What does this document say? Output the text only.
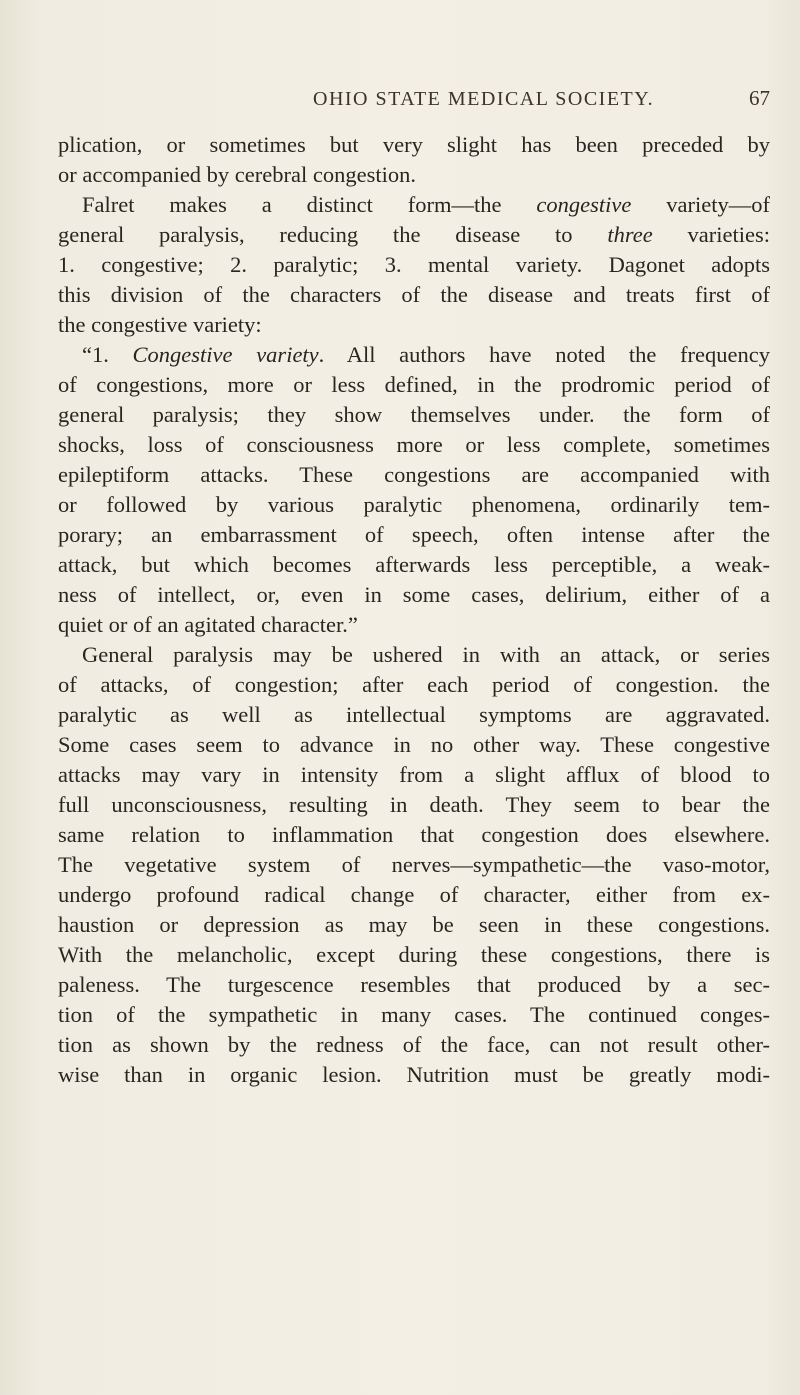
OHIO STATE MEDICAL SOCIETY.	67
plication, or sometimes but very slight has been preceded by
or accompanied by cerebral congestion.
Falret makes a distinct form—the congestive variety—of
general paralysis, reducing the disease to three varieties:
1. congestive; 2. paralytic; 3. mental variety. Dagonet adopts
this division of the characters of the disease and treats first of
the congestive variety:
“1. Congestive variety. All authors have noted the frequency
of congestions, more or less defined, in the prodromic period of
general paralysis; they show themselves under. the form of
shocks, loss of consciousness more or less complete, sometimes
epileptiform attacks. These congestions are accompanied with
or followed by various paralytic phenomena, ordinarily tem-
porary; an embarrassment of speech, often intense after the
attack, but which becomes afterwards less perceptible, a weak-
ness of intellect, or, even in some cases, delirium, either of a
quiet or of an agitated character.”
General paralysis may be ushered in with an attack, or series
of attacks, of congestion; after each period of congestion. the
paralytic as well as intellectual symptoms are aggravated.
Some cases seem to advance in no other way. These congestive
attacks may vary in intensity from a slight afflux of blood to
full unconsciousness, resulting in death. They seem to bear the
same relation to inflammation that congestion does elsewhere.
The vegetative system of nerves—sympathetic—the vaso-motor,
undergo profound radical change of character, either from ex-
haustion or depression as may be seen in these congestions.
With the melancholic, except during these congestions, there is
paleness. The turgescence resembles that produced by a sec-
tion of the sympathetic in many cases. The continued conges-
tion as shown by the redness of the face, can not result other-
wise than in organic lesion. Nutrition must be greatly modi-
